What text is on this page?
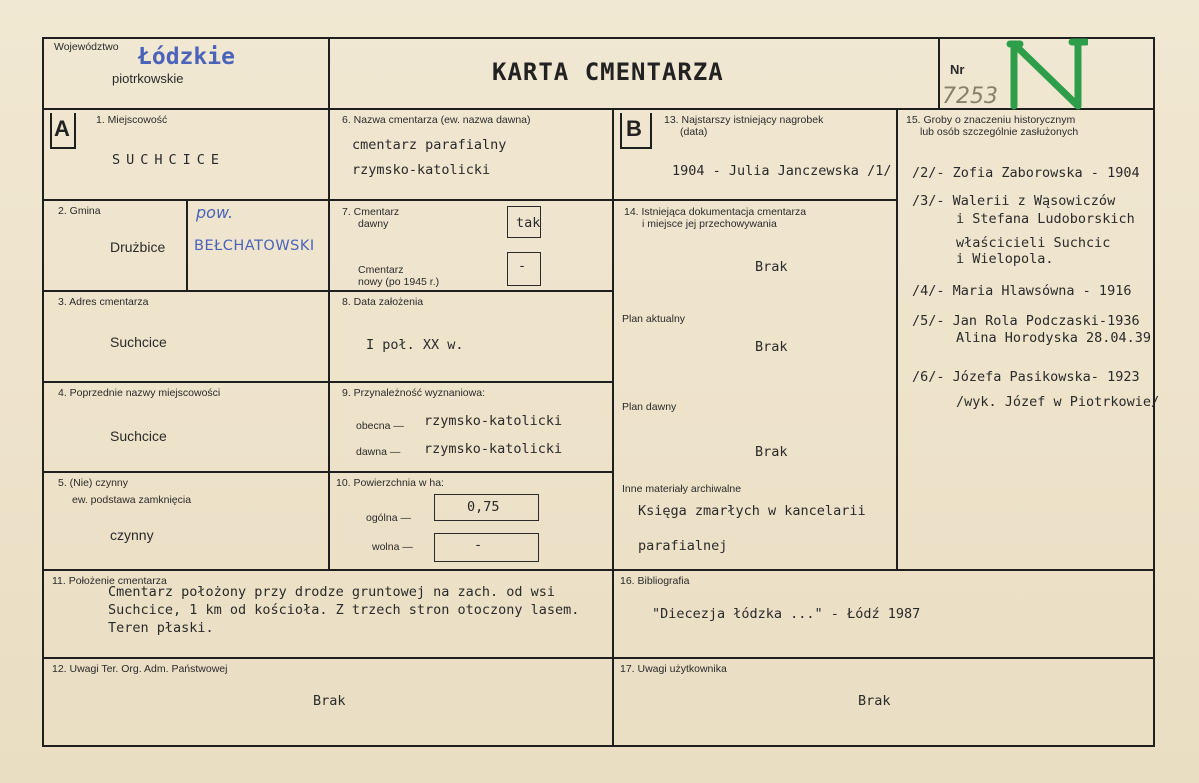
Województwo Łódzkie
piotrkowskie	KARTA CMENTARZA	Nr
7253
A	B
1. Miejscowość
SUCHCICE
2. Gmina
Drużbice
pow.
BEŁCHATOWSKI
3. Adres cmentarza
Suchcice
4. Poprzednie nazwy miejscowości
Suchcice
5. (Nie) czynny
ew. podstawa zamknięcia
czynny
6. Nazwa cmentarza (ew. nazwa dawna)
cmentarz parafialny
rzymsko-katolicki
7. Cmentarz
dawny	tak
Cmentarz
nowy (po 1945 r.)
-
8. Data założenia
I poł. XX w.
9. Przynależność wyznaniowa:
obecna — rzymsko-katolicki
dawna — rzymsko-katolicki
10. Powierzchnia w ha:
ogólna —
0,75
wolna —	-
11. Położenie cmentarza
Cmentarz położony przy drodze gruntowej na zach. od wsi
Suchcice, 1 km od kościoła. Z trzech stron otoczony lasem.
Teren płaski.
12. Uwagi Ter. Org. Adm. Państwowej
Brak
13. Najstarszy istniejący nagrobek
(data)
1904 - Julia Janczewska /1/
14. Istniejąca dokumentacja cmentarza
i miejsce jej przechowywania
Brak
Plan aktualny
Brak
Plan dawny
Brak
Inne materiały archiwalne
Księga zmarłych w kancelarii
parafialnej
15. Groby o znaczeniu historycznym
lub osób szczególnie zasłużonych
/2/- Zofia Zaborowska - 1904
/3/- Walerii z Wąsowiczów
i Stefana Ludoborskich
właścicieli Suchcic
i Wielopola.
/4/- Maria Hlawsówna - 1916
/5/- Jan Rola Podczaski-1936
Alina Horodyska 28.04.39
/6/- Józefa Pasikowska- 1923
/wyk. Józef w Piotrkowie/
16. Bibliografia
"Diecezja łódzka ..." - Łódź 1987
17. Uwagi użytkownika
Brak
